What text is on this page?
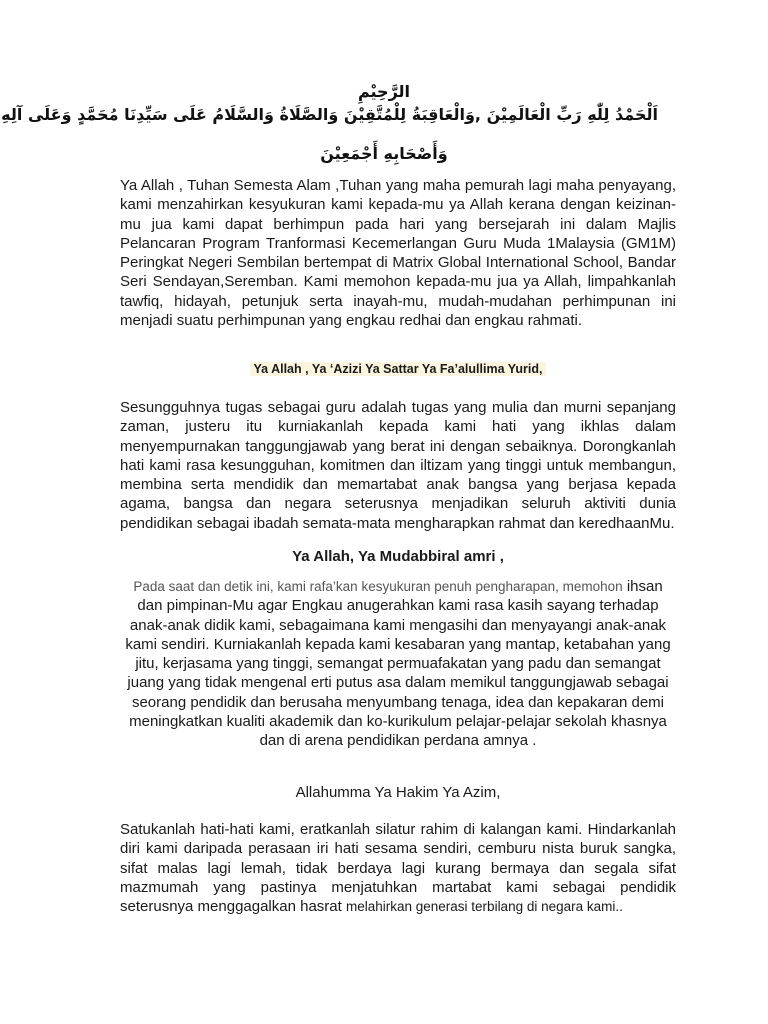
الرَّحِيْمِ
اَلْحَمْدُ لِلّٰهِ رَبِّ الْعَالَمِيْنَ ,وَالْعَاقِبَةُ لِلْمُتَّقِيْنَ وَالصَّلَاةُ وَالسَّلَامُ عَلَى سَيِّدِنَا مُحَمَّدٍ وَعَلَى آلِهِ
وَأَصْحَابِهِ أَجْمَعِيْنَ
Ya Allah , Tuhan Semesta Alam ,Tuhan yang maha pemurah lagi maha penyayang, kami menzahirkan kesyukuran kami kepada-mu ya Allah kerana dengan keizinan-mu jua kami dapat berhimpun pada hari yang bersejarah ini dalam Majlis Pelancaran Program Tranformasi Kecemerlangan Guru Muda 1Malaysia (GM1M) Peringkat Negeri Sembilan bertempat di Matrix Global International School, Bandar Seri Sendayan,Seremban. Kami memohon kepada-mu jua ya Allah, limpahkanlah tawfiq, hidayah, petunjuk serta inayah-mu, mudah-mudahan perhimpunan ini menjadi suatu perhimpunan yang engkau redhai dan engkau rahmati.
Ya Allah , Ya ‘Azizi Ya Sattar Ya Fa’alullima Yurid,
Sesungguhnya tugas sebagai guru adalah tugas yang mulia dan murni sepanjang zaman, justeru itu kurniakanlah kepada kami hati yang ikhlas dalam menyempurnakan tanggungjawab yang berat ini dengan sebaiknya. Dorongkanlah hati kami rasa kesungguhan, komitmen dan iltizam yang tinggi untuk membangun, membina serta mendidik dan memartabat anak bangsa yang berjasa kepada agama, bangsa dan negara seterusnya menjadikan seluruh aktiviti dunia pendidikan sebagai ibadah semata-mata mengharapkan rahmat dan keredhaanMu.
Ya Allah, Ya Mudabbiral amri ,
Pada saat dan detik ini, kami rafa’kan kesyukuran penuh pengharapan, memohon ihsan dan pimpinan-Mu agar Engkau anugerahkan kami rasa kasih sayang terhadap anak-anak didik kami, sebagaimana kami mengasihi dan menyayangi anak-anak kami sendiri. Kurniakanlah kepada kami kesabaran yang mantap, ketabahan yang jitu, kerjasama yang tinggi, semangat permuafakatan yang padu dan semangat juang yang tidak mengenal erti putus asa dalam memikul tanggungjawab sebagai seorang pendidik dan berusaha menyumbang tenaga, idea dan kepakaran demi meningkatkan kualiti akademik dan ko-kurikulum pelajar-pelajar sekolah khasnya dan di arena pendidikan perdana amnya .
Allahumma Ya Hakim Ya Azim,
Satukanlah hati-hati kami, eratkanlah silatur rahim di kalangan kami. Hindarkanlah diri kami daripada perasaan iri hati sesama sendiri, cemburu nista buruk sangka, sifat malas lagi lemah, tidak berdaya lagi kurang bermaya dan segala sifat mazmumah yang pastinya menjatuhkan martabat kami sebagai pendidik seterusnya menggagalkan hasrat melahirkan generasi terbilang di negara kami..
